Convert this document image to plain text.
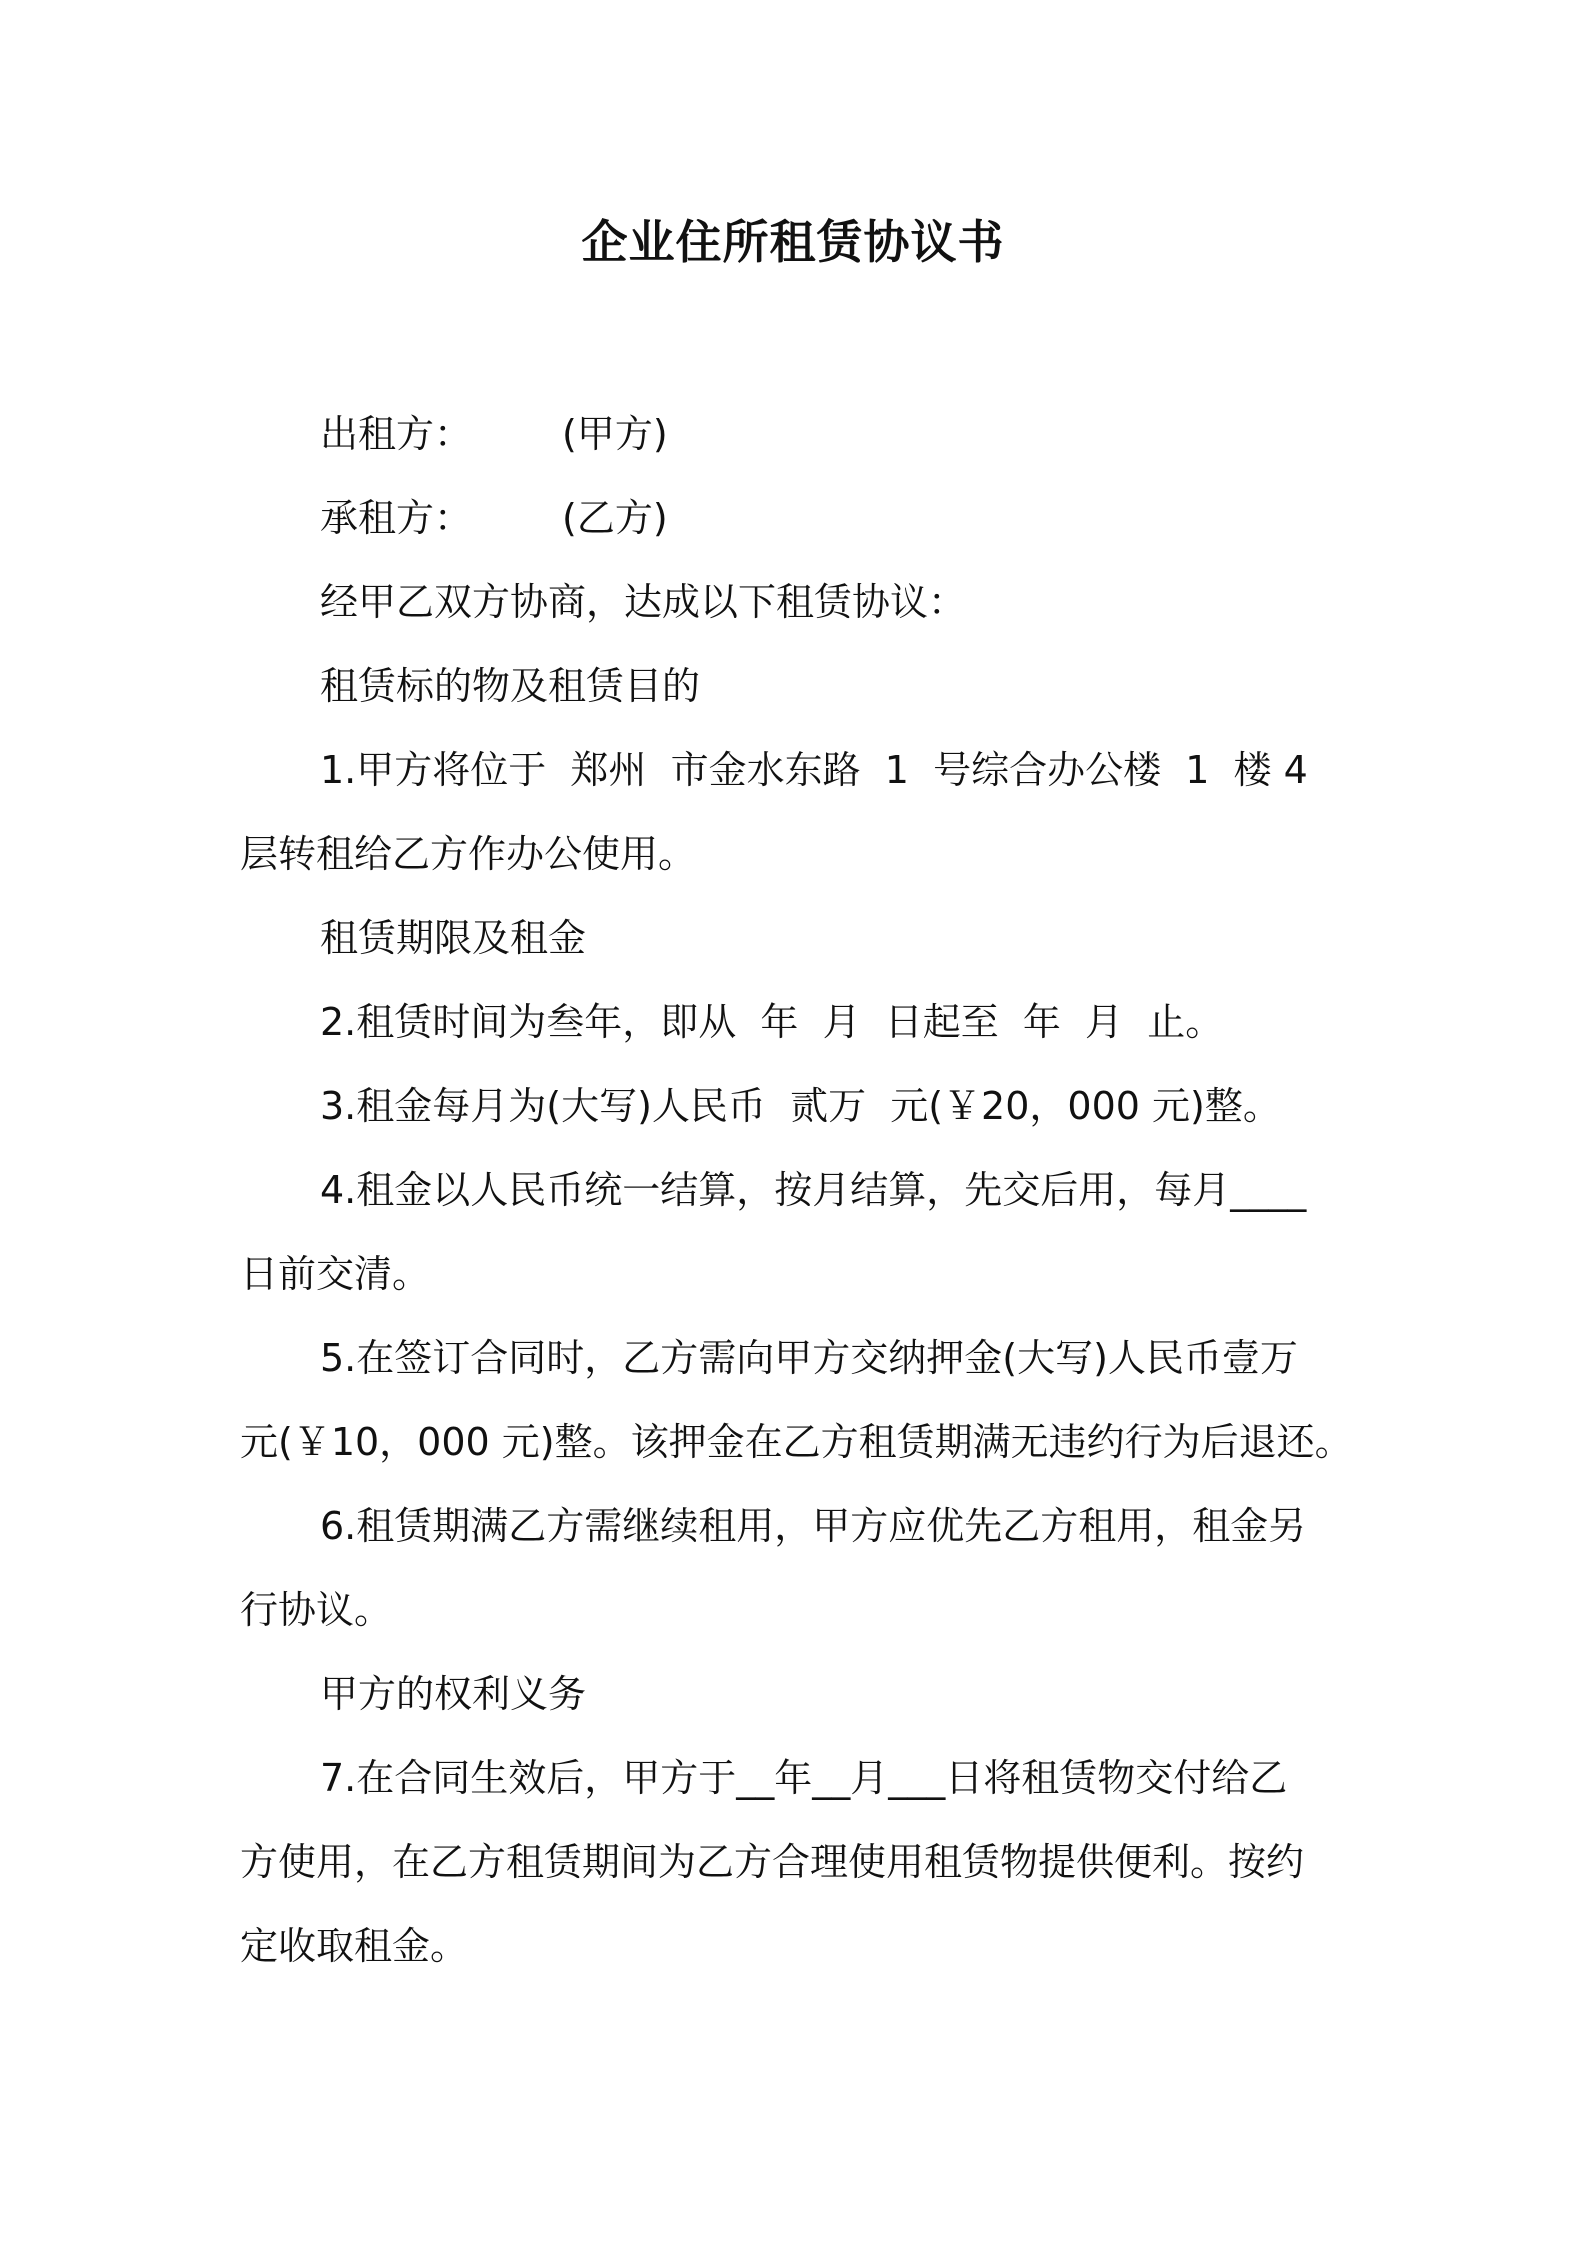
企业住所租赁协议书

出租方： (甲方)

承租方： (乙方)

经甲乙双方协商，达成以下租赁协议：

租赁标的物及租赁目的

1.甲方将位于  郑州  市金水东路  1  号综合办公楼  1  楼 4

层转租给乙方作办公使用。

租赁期限及租金

2.租赁时间为叁年，即从  年  月  日起至  年  月  止。

3.租金每月为(大写)人民币  贰万  元(￥20，000 元)整。

4.租金以人民币统一结算，按月结算，先交后用，每月____

日前交清。

5.在签订合同时，乙方需向甲方交纳押金(大写)人民币壹万

元(￥10，000 元)整。该押金在乙方租赁期满无违约行为后退还。

6.租赁期满乙方需继续租用，甲方应优先乙方租用，租金另

行协议。

甲方的权利义务

7.在合同生效后，甲方于__年__月___日将租赁物交付给乙

方使用，在乙方租赁期间为乙方合理使用租赁物提供便利。按约

定收取租金。
